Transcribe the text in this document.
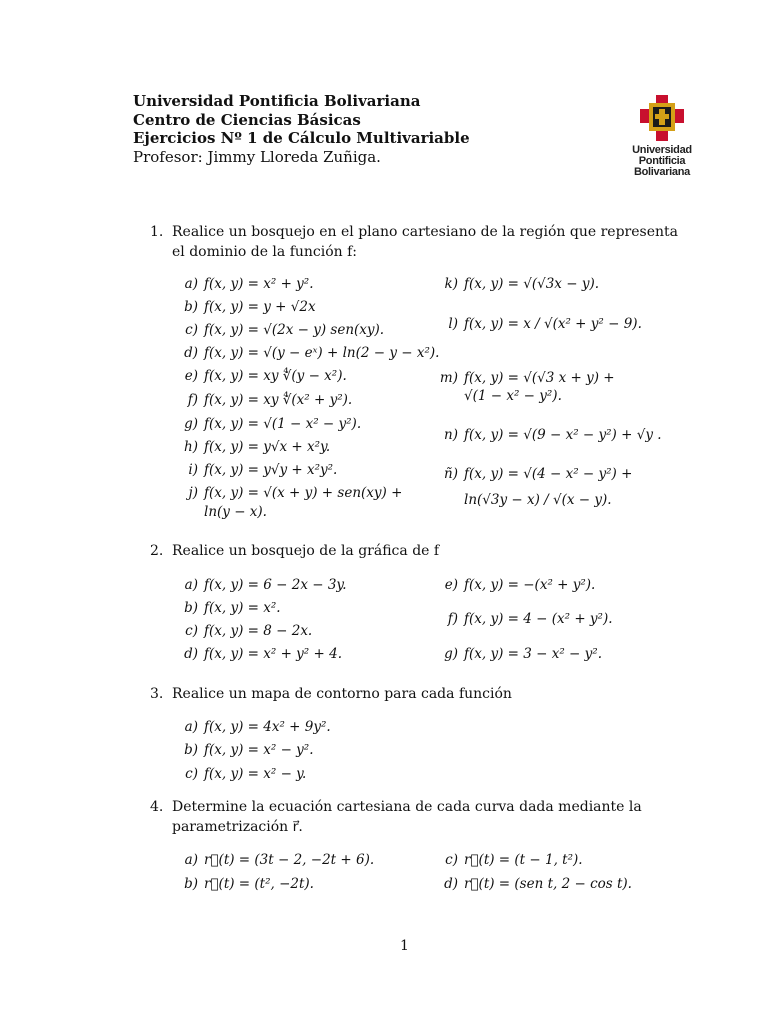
Universidad Pontificia Bolivariana
Centro de Ciencias Básicas
Ejercicios Nº 1 de Cálculo Multivariable
Profesor: Jimmy Lloreda Zuñiga.	Universidad
Pontificia
Bolivariana
1. Realice un bosquejo en el plano cartesiano de la región que representa el dominio de la función f:
a) f(x, y) = x² + y².
b) f(x, y) = y + √2x
c) f(x, y) = √(2x − y) sen(xy).
d) f(x, y) = √(y − eˣ) + ln(2 − y − x²).
e) f(x, y) = xy ∜(y − x²).
f) f(x, y) = xy ∜(x² + y²).
g) f(x, y) = √(1 − x² − y²).
h) f(x, y) = y√x + x²y.
i) f(x, y) = y√y + x²y².
j) f(x, y) = √(x + y) + sen(xy) +
ln(y − x).
k) f(x, y) = √(√3x − y).
l) f(x, y) = x / √(x² + y² − 9).
m) f(x, y) = √(√3 x + y) +
√(1 − x² − y²).
n) f(x, y) = √(9 − x² − y²) + √y .
ñ) f(x, y) = √(4 − x² − y²) +
ln(√3y − x) / √(x − y).
2. Realice un bosquejo de la gráfica de f
a) f(x, y) = 6 − 2x − 3y.
b) f(x, y) = x².
c) f(x, y) = 8 − 2x.
d) f(x, y) = x² + y² + 4.
e) f(x, y) = −(x² + y²).
f) f(x, y) = 4 − (x² + y²).
g) f(x, y) = 3 − x² − y².
3. Realice un mapa de contorno para cada función
a) f(x, y) = 4x² + 9y².
b) f(x, y) = x² − y².
c) f(x, y) = x² − y.
4. Determine la ecuación cartesiana de cada curva dada mediante la parametrización r⃗.
a) r⃗(t) = (3t − 2, −2t + 6).
b) r⃗(t) = (t², −2t).
c) r⃗(t) = (t − 1, t²).
d) r⃗(t) = (sen t, 2 − cos t).
1
